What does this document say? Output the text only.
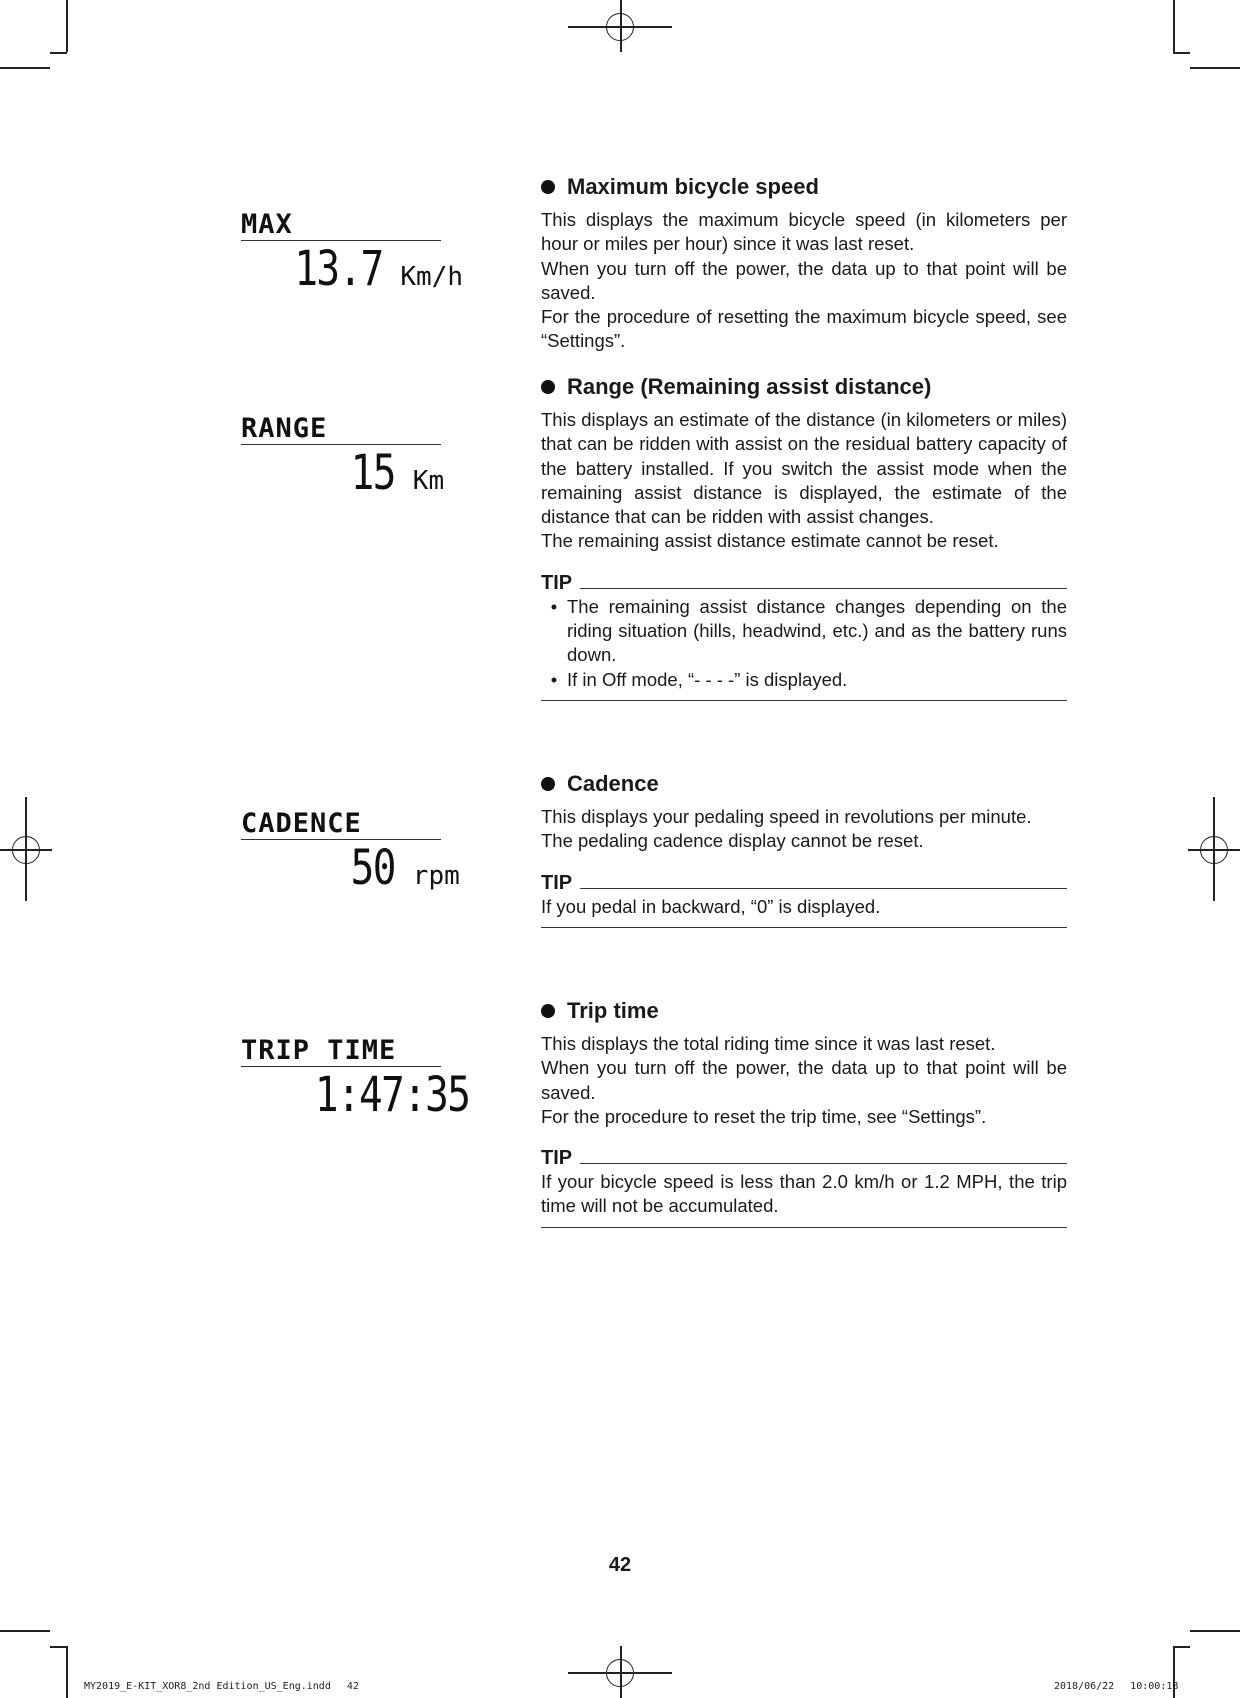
MAX
13.7 Km/h
RANGE
15 Km
CADENCE
50 rpm
TRIP TIME
1:47:35
Maximum bicycle speed

This displays the maximum bicycle speed (in kilometers per hour or miles per hour) since it was last reset.

When you turn off the power, the data up to that point will be saved.

For the procedure of resetting the maximum bicycle speed, see “Settings”.

Range (Remaining assist distance)

This displays an estimate of the distance (in kilometers or miles) that can be ridden with assist on the residual battery capacity of the battery installed. If you switch the assist mode when the remaining assist distance is displayed, the estimate of the distance that can be ridden with assist changes.

The remaining assist distance estimate cannot be reset.

TIP
• The remaining assist distance changes depending on the riding situation (hills, headwind, etc.) and as the battery runs down.
• If in Off mode, “- - - -” is displayed.
Cadence

This displays your pedaling speed in revolutions per minute.

The pedaling cadence display cannot be reset.

TIP
If you pedal in backward, “0” is displayed.
Trip time

This displays the total riding time since it was last reset.

When you turn off the power, the data up to that point will be saved.

For the procedure to reset the trip time, see “Settings”.

TIP
If your bicycle speed is less than 2.0 km/h or 1.2 MPH, the trip time will not be accumulated.
42
MY2019_E-KIT_XOR8_2nd Edition_US_Eng.indd　 42	2018/06/22　 10:00:18
